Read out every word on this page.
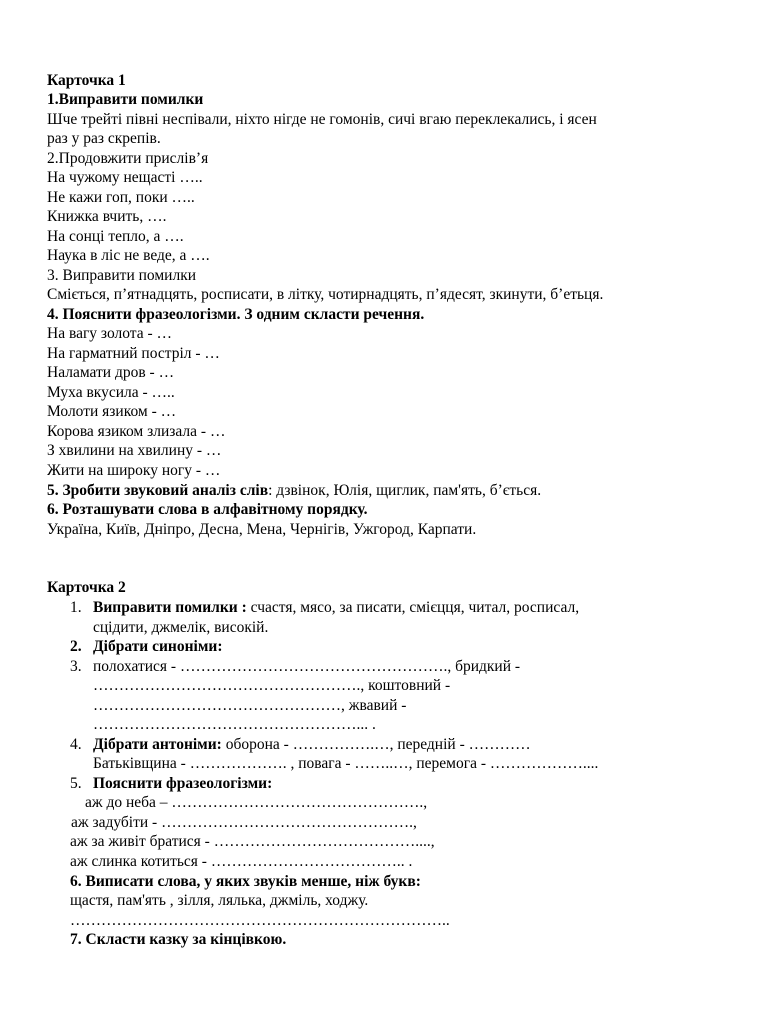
Карточка 1
1.Виправити помилки
Шче трейті півні неспівали, ніхто нігде не гомонів, сичі вгаю переклекались, і ясен
раз у раз скрепів.
2.Продовжити прислів’я
На чужому нещасті …..
Не кажи гоп, поки …..
Книжка вчить, ….
На сонці тепло, а ….
Наука в ліс не веде, а ….
3. Виправити помилки
Сміється, п’ятнадцять, росписати, в літку, чотирнадцять, п’ядесят, зкинути, б’етьця.
4. Пояснити фразеологізми. З одним скласти речення.
На вагу золота - …
На гарматний постріл - …
Наламати дров - …
Муха вкусила - …..
Молоти язиком - …
Корова язиком злизала - …
З хвилини на хвилину - …
Жити на широку ногу - …
5. Зробити звуковий аналіз слів: дзвінок, Юлія, щиглик, пам'ять, б’ється.
6. Розташувати слова в алфавітному порядку.
Україна, Київ, Дніпро, Десна, Мена, Чернігів, Ужгород, Карпати.
Карточка 2
1. Виправити помилки : счастя, мясо, за писати, смієцця, читал, росписал,
сцідити, джмелік, високій.
2. Дібрати синоніми:
3. полохатися - ……………………………………………., бридкий -
……………………………………………., коштовний -
…………………………………………, жвавий -
……………………………………………... .
4. Дібрати антоніми: оборона - …………….…, передній - …………
Батьківщина - ………………. , повага - ……..…, перемога - ………………....
5. Пояснити фразеологізми:
аж до неба – ………………………………………….,
аж задубіти - ………………………………………….,
аж за живіт братися - …………………………………....,
аж слинка котиться - ……………………………….. .
6. Виписати слова, у яких звуків менше, ніж букв:
щастя, пам'ять , зілля, лялька, джміль, ходжу.
………………………………………………………………..
7. Скласти казку за кінцівкою.
